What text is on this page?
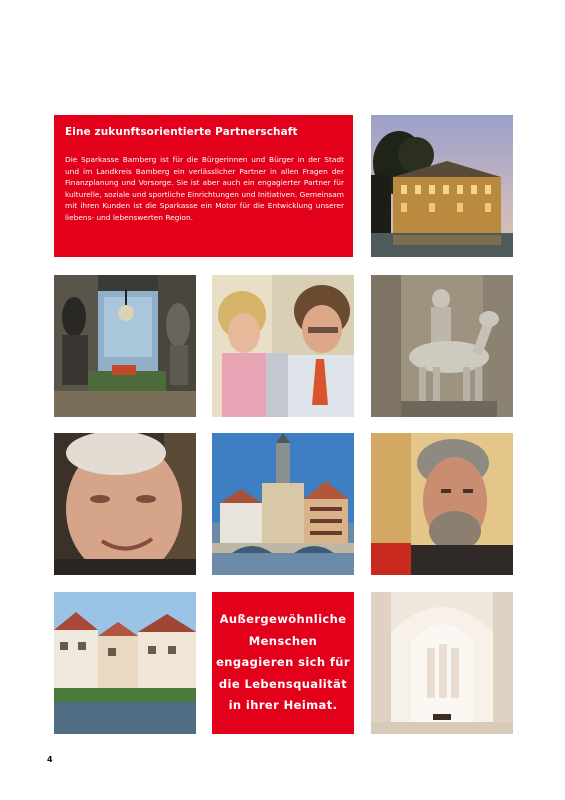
Eine zukunftsorientierte Partnerschaft

Die Sparkasse Bamberg ist für die Bürgerinnen und Bürger in der Stadt und im Landkreis Bamberg ein verlässlicher Partner in allen Fragen der Finanzplanung und Vorsorge. Sie ist aber auch ein engagierter Partner für kulturelle, soziale und sportliche Einrichtungen und Initiativen. Gemeinsam mit ihren Kunden ist die Sparkasse ein Motor für die Entwicklung unserer liebens- und lebenswerten Region.

Außergewöhnliche Menschen engagieren sich für die Lebensqualität in ihrer Heimat.

4
